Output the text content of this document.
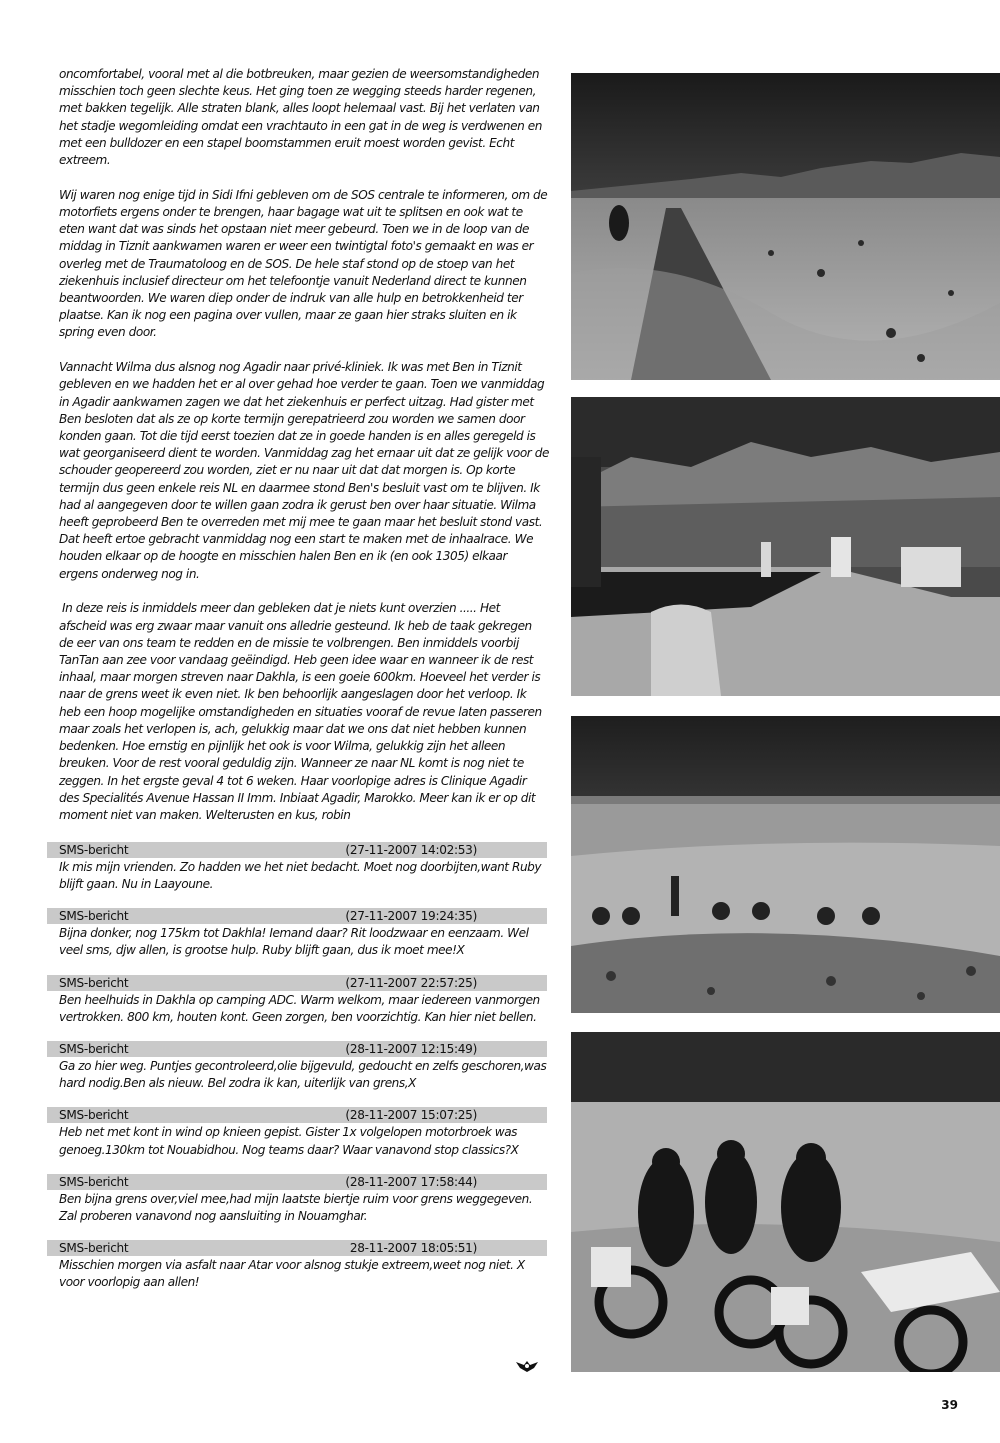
oncomfortabel, vooral met al die botbreuken, maar gezien de weersomstandigheden misschien toch geen slechte keus. Het ging toen ze wegging steeds harder regenen, met bakken tegelijk. Alle straten blank, alles loopt helemaal vast. Bij het verlaten van het stadje wegomleiding omdat een vrachtauto in een gat in de weg is verdwenen en met een bulldozer en een stapel boomstammen eruit moest worden gevist. Echt extreem.

Wij waren nog enige tijd in Sidi Ifni gebleven om de SOS centrale te informeren, om de motorfiets ergens onder te brengen, haar bagage wat uit te splitsen en ook wat te eten want dat was sinds het opstaan niet meer gebeurd. Toen we in de loop van de middag in Tiznit aankwamen waren er weer een twintigtal foto's gemaakt en was er overleg met de Traumatoloog en de SOS. De hele staf stond op de stoep van het ziekenhuis inclusief directeur om het telefoontje vanuit Nederland direct te kunnen beantwoorden. We waren diep onder de indruk van alle hulp en betrokkenheid ter plaatse. Kan ik nog een pagina over vullen, maar ze gaan hier straks sluiten en ik spring even door.

Vannacht Wilma dus alsnog nog Agadir naar privé-kliniek. Ik was met Ben in Tiznit gebleven en we hadden het er al over gehad hoe verder te gaan. Toen we vanmiddag in Agadir aankwamen zagen we dat het ziekenhuis er perfect uitzag. Had gister met Ben besloten dat als ze op korte termijn gerepatrieerd zou worden we samen door konden gaan. Tot die tijd eerst toezien dat ze in goede handen is en alles geregeld is wat georganiseerd dient te worden. Vanmiddag zag het ernaar uit dat ze gelijk voor de schouder geopereerd zou worden, ziet er nu naar uit dat dat morgen is. Op korte termijn dus geen enkele reis NL en daarmee stond Ben's besluit vast om te blijven. Ik had al aangegeven door te willen gaan zodra ik gerust ben over haar situatie. Wilma heeft geprobeerd Ben te overreden met mij mee te gaan maar het besluit stond vast. Dat heeft ertoe gebracht vanmiddag nog een start te maken met de inhaalrace. We houden elkaar op de hoogte en misschien halen Ben en ik (en ook 1305) elkaar ergens onderweg nog in.

In deze reis is inmiddels meer dan gebleken dat je niets kunt overzien ..... Het afscheid was erg zwaar maar vanuit ons alledrie gesteund. Ik heb de taak gekregen de eer van ons team te redden en de missie te volbrengen. Ben inmiddels voorbij TanTan aan zee voor vandaag geëindigd. Heb geen idee waar en wanneer ik de rest inhaal, maar morgen streven naar Dakhla, is een goeie 600km. Hoeveel het verder is naar de grens weet ik even niet. Ik ben behoorlijk aangeslagen door het verloop. Ik heb een hoop mogelijke omstandigheden en situaties vooraf de revue laten passeren maar zoals het verlopen is, ach, gelukkig maar dat we ons dat niet hebben kunnen bedenken. Hoe ernstig en pijnlijk het ook is voor Wilma, gelukkig zijn het alleen breuken. Voor de rest vooral geduldig zijn. Wanneer ze naar NL komt is nog niet te zeggen. In het ergste geval 4 tot 6 weken. Haar voorlopige adres is Clinique Agadir des Specialités Avenue Hassan II Imm. Inbiaat Agadir, Marokko. Meer kan ik er op dit moment niet van maken. Welterusten en kus, robin

SMS-bericht	(27-11-2007 14:02:53)
Ik mis mijn vrienden. Zo hadden we het niet bedacht. Moet nog doorbijten,want Ruby blijft gaan. Nu in Laayoune.
SMS-bericht	(27-11-2007 19:24:35)
Bijna donker, nog 175km tot Dakhla! Iemand daar? Rit loodzwaar en eenzaam. Wel veel sms, djw allen, is grootse hulp. Ruby blijft gaan, dus ik moet mee!X
SMS-bericht	(27-11-2007 22:57:25)
Ben heelhuids in Dakhla op camping ADC. Warm welkom, maar iedereen vanmorgen vertrokken. 800 km, houten kont. Geen zorgen, ben voorzichtig. Kan hier niet bellen.
SMS-bericht	(28-11-2007 12:15:49)
Ga zo hier weg. Puntjes gecontroleerd,olie bijgevuld, gedoucht en zelfs geschoren,was hard nodig.Ben als nieuw. Bel zodra ik kan, uiterlijk van grens,X
SMS-bericht	(28-11-2007 15:07:25)
Heb net met kont in wind op knieen gepist. Gister 1x volgelopen motorbroek was genoeg.130km tot Nouabidhou. Nog teams daar? Waar vanavond stop classics?X
SMS-bericht	(28-11-2007 17:58:44)
Ben bijna grens over,viel mee,had mijn laatste biertje ruim voor grens weggegeven. Zal proberen vanavond nog aansluiting in Nouamghar.
SMS-bericht	28-11-2007 18:05:51)
Misschien morgen via asfalt naar Atar voor alsnog stukje extreem,weet nog niet. X voor voorlopig aan allen!
39
